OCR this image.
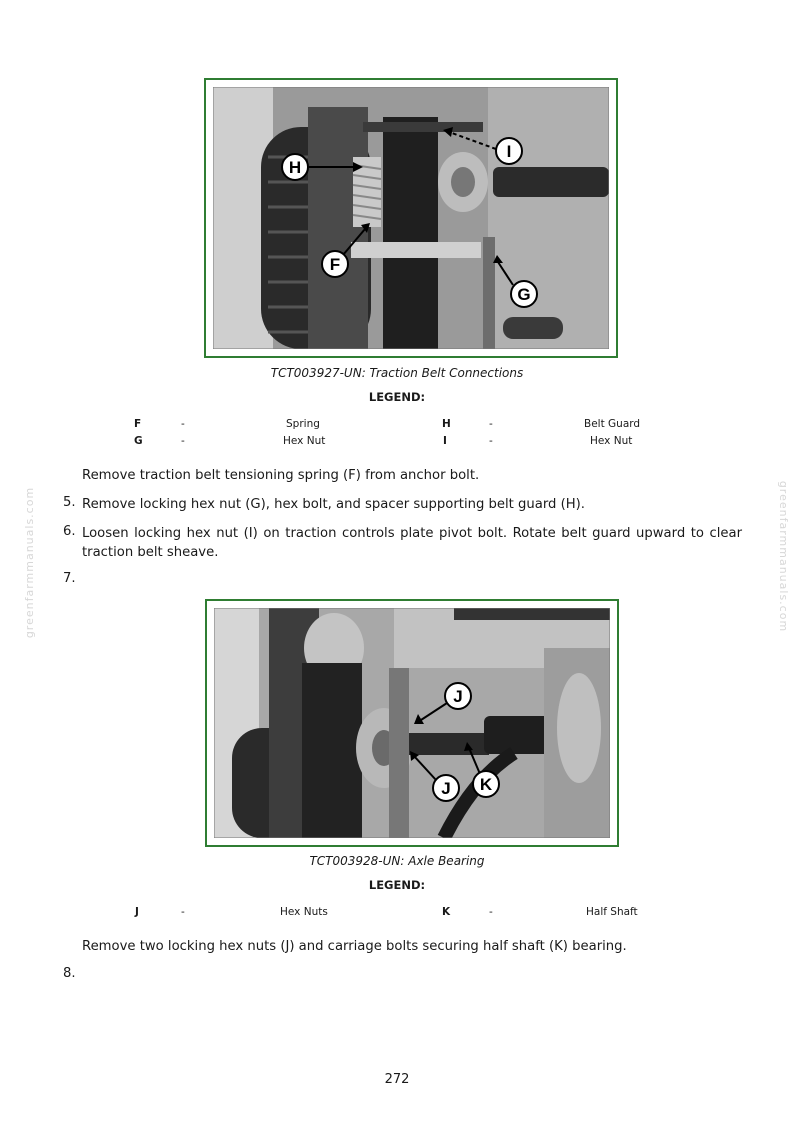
greenfarmmanuals.com	greenfarmmanuals.com
H
I
F
G
TCT003927-UN: Traction Belt Connections
LEGEND:
F	-	Spring	H	-	Belt Guard
G	-	Hex Nut	I	-	Hex Nut
Remove traction belt tensioning spring (F) from anchor bolt.
5. Remove locking hex nut (G), hex bolt, and spacer supporting belt guard (H).
6. Loosen locking hex nut (I) on traction controls plate pivot bolt. Rotate belt guard upward to clear traction belt sheave.
7.
J
J K
TCT003928-UN: Axle Bearing
LEGEND:
J	-	Hex Nuts	K	-	Half Shaft
Remove two locking hex nuts (J) and carriage bolts securing half shaft (K) bearing.
8.
272
